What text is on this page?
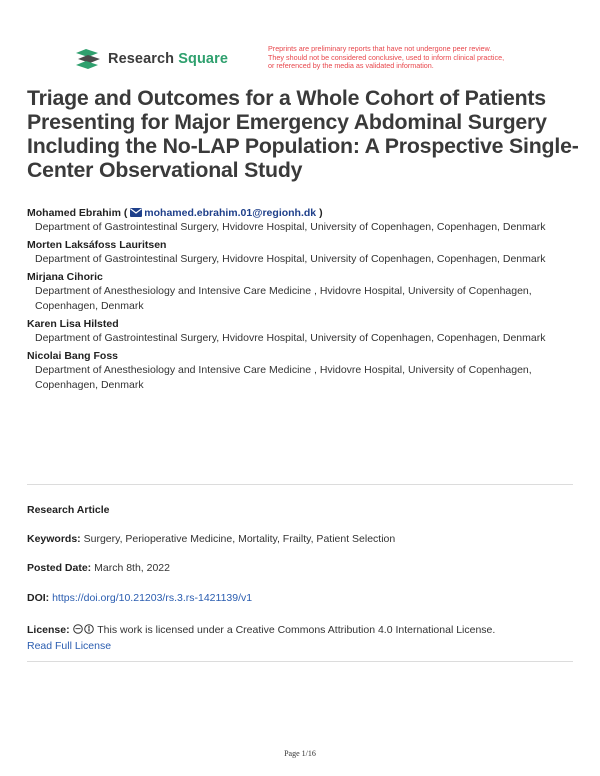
Research Square
Preprints are preliminary reports that have not undergone peer review.
They should not be considered conclusive, used to inform clinical practice,
or referenced by the media as validated information.
Triage and Outcomes for a Whole Cohort of Patients Presenting for Major Emergency Abdominal Surgery Including the No-LAP Population: A Prospective Single-Center Observational Study
Mohamed Ebrahim ( mohamed.ebrahim.01@regionh.dk )
Department of Gastrointestinal Surgery, Hvidovre Hospital, University of Copenhagen, Copenhagen, Denmark
Morten Laksáfoss Lauritsen
Department of Gastrointestinal Surgery, Hvidovre Hospital, University of Copenhagen, Copenhagen, Denmark
Mirjana Cihoric
Department of Anesthesiology and Intensive Care Medicine , Hvidovre Hospital, University of Copenhagen, Copenhagen, Denmark
Karen Lisa Hilsted
Department of Gastrointestinal Surgery, Hvidovre Hospital, University of Copenhagen, Copenhagen, Denmark
Nicolai Bang Foss
Department of Anesthesiology and Intensive Care Medicine , Hvidovre Hospital, University of Copenhagen, Copenhagen, Denmark
Research Article
Keywords: Surgery, Perioperative Medicine, Mortality, Frailty, Patient Selection
Posted Date: March 8th, 2022
DOI: https://doi.org/10.21203/rs.3.rs-1421139/v1
License:	This work is licensed under a Creative Commons Attribution 4.0 International License.
Read Full License
Page 1/16
